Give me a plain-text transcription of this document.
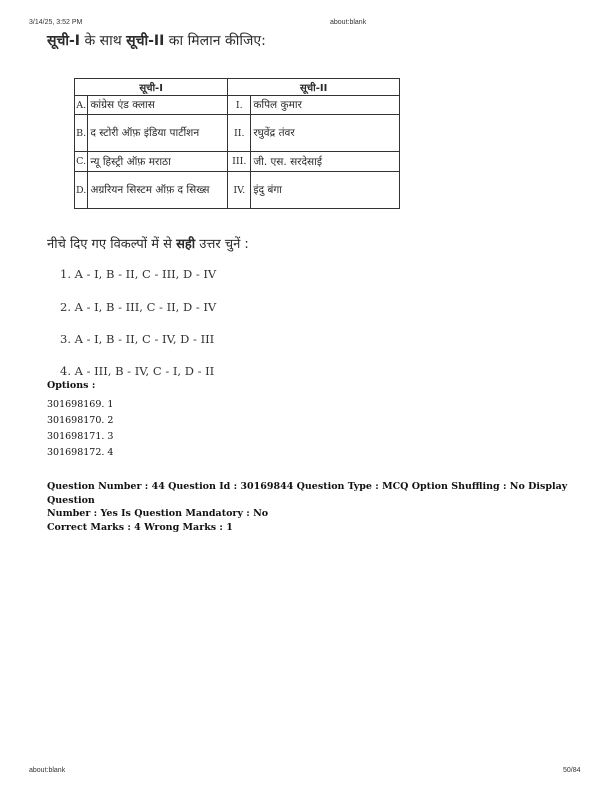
3/14/25, 3:52 PM	about:blank
सूची-I के साथ सूची-II का मिलान कीजिए:
सूची-I		सूची-II	
A.	कांग्रेस एंड क्लास	I.	कपिल कुमार
B.	द स्टोरी ऑफ़ इंडिया पार्टीशन	II.	रघुवेंद्र तंवर
C.	न्यू हिस्ट्री ऑफ़ मराठा	III.	जी. एस. सरदेसाई
D.	अग्ररियन सिस्टम ऑफ़ द सिख्स	IV.	इंदु बंगा
नीचे दिए गए विकल्पों में से सही उत्तर चुनें :
1. A - I, B - II, C - III, D - IV
2. A - I, B - III, C - II, D - IV
3. A - I, B - II, C - IV, D - III
4. A - III, B - IV, C - I, D - II
Options :
301698169. 1
301698170. 2
301698171. 3
301698172. 4
Question Number : 44 Question Id : 30169844 Question Type : MCQ Option Shuffling : No Display Question
Number : Yes Is Question Mandatory : No
Correct Marks : 4 Wrong Marks : 1
about:blank	50/84
